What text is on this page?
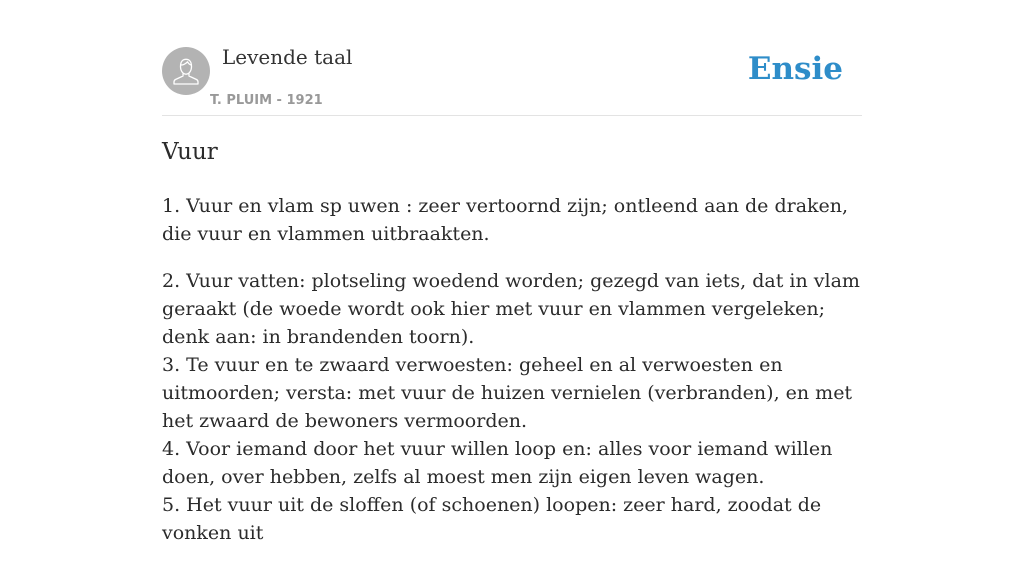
Levende taal
T. PLUIM - 1921
Ensie
Vuur

1. Vuur en vlam sp uwen : zeer vertoornd zijn; ontleend aan de draken, die vuur en vlammen uitbraakten.

2. Vuur vatten: plotseling woedend worden; gezegd van iets, dat in vlam geraakt (de woede wordt ook hier met vuur en vlammen vergeleken; denk aan: in brandenden toorn).
3. Te vuur en te zwaard verwoesten: geheel en al verwoesten en uitmoorden; versta: met vuur de huizen vernielen (verbranden), en met het zwaard de bewoners vermoorden.
4. Voor iemand door het vuur willen loop en: alles voor iemand willen doen, over hebben, zelfs al moest men zijn eigen leven wagen.
5. Het vuur uit de sloffen (of schoenen) loopen: zeer hard, zoodat de vonken uit
